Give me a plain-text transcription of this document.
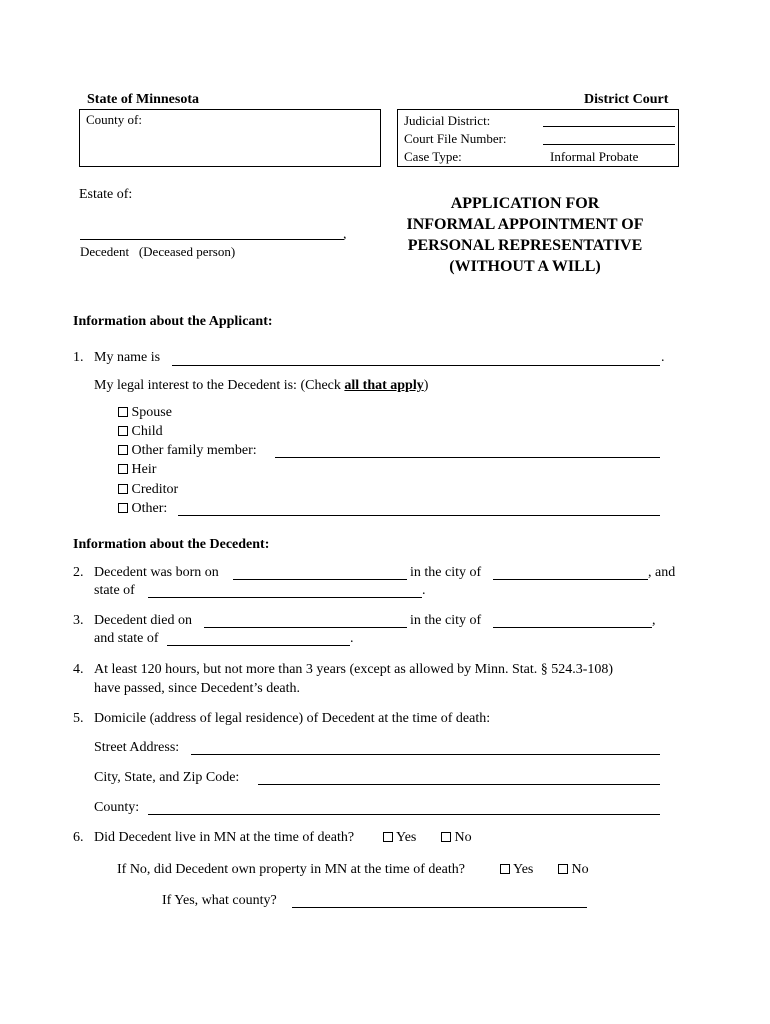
State of Minnesota	District Court
County of:	Judicial District:
Court File Number:
Case Type:	Informal Probate
Estate of:
,
Decedent   (Deceased person)
APPLICATION FOR
INFORMAL APPOINTMENT OF
PERSONAL REPRESENTATIVE
(WITHOUT A WILL)
Information about the Applicant:
1. My name is	.
My legal interest to the Decedent is: (Check all that apply)
Spouse
Child
Other family member:
Heir
Creditor
Other:
Information about the Decedent:
2. Decedent was born on	in the city of	, and
state of	.
3. Decedent died on	in the city of	,
and state of	.
4. At least 120 hours, but not more than 3 years (except as allowed by Minn. Stat. § 524.3-108)
have passed, since Decedent’s death.
5. Domicile (address of legal residence) of Decedent at the time of death:
Street Address:
City, State, and Zip Code:
County:
6. Did Decedent live in MN at the time of death?	Yes	No
If No, did Decedent own property in MN at the time of death?	Yes	No
If Yes, what county?
